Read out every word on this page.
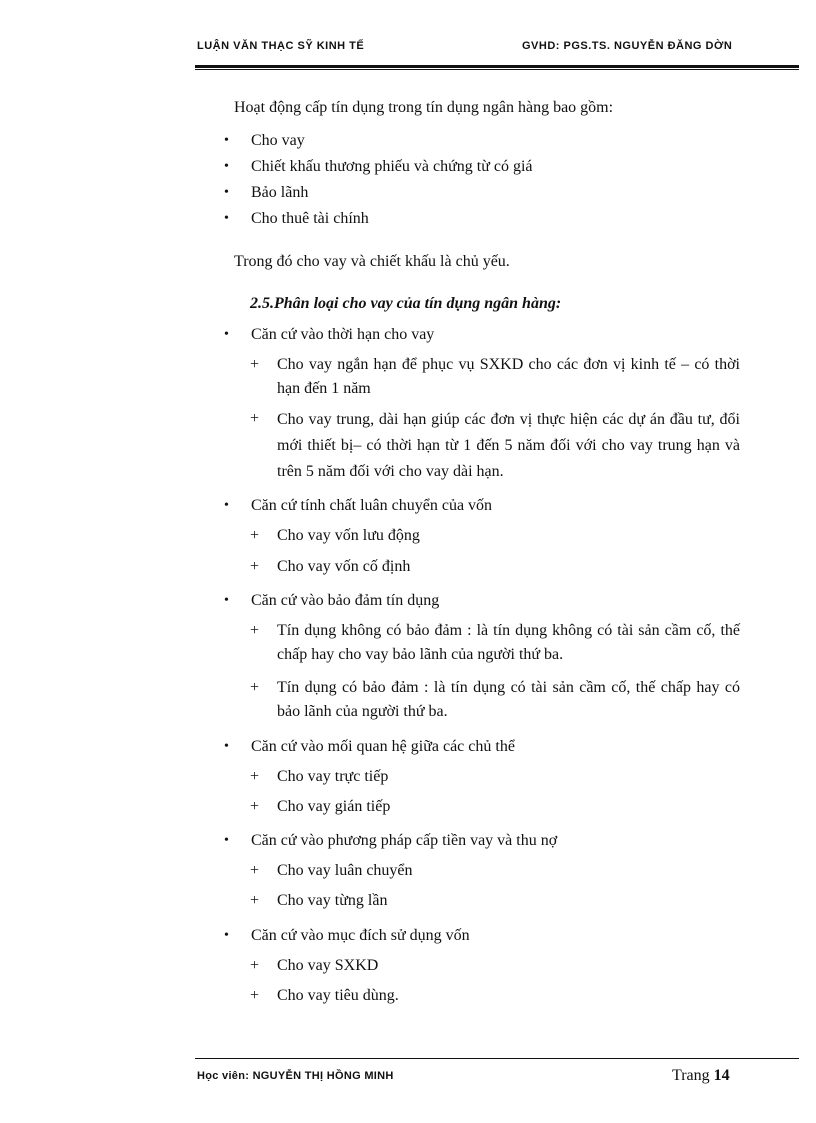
LUẬN VĂN THẠC SỸ KINH TẾ	GVHD: PGS.TS. NGUYỄN ĐĂNG DỜN
Hoạt động cấp tín dụng trong tín dụng ngân hàng bao gồm:
• Cho vay
• Chiết khấu thương phiếu và chứng từ có giá
• Bảo lãnh
• Cho thuê tài chính
Trong đó cho vay và chiết khấu là chủ yếu.
2.5.Phân loại cho vay của tín dụng ngân hàng:
• Căn cứ vào thời hạn cho vay
+ Cho vay ngắn hạn để phục vụ SXKD cho các đơn vị kinh tế – có thời hạn đến 1 năm
+ Cho vay trung, dài hạn giúp các đơn vị thực hiện các dự án đầu tư, đổi mới thiết bị– có thời hạn từ 1 đến 5 năm đối với cho vay trung hạn và trên 5 năm đối với cho vay dài hạn.
• Căn cứ tính chất luân chuyển của vốn
+ Cho vay vốn lưu động
+ Cho vay vốn cố định
• Căn cứ vào bảo đảm tín dụng
+ Tín dụng không có bảo đảm : là tín dụng không có tài sản cầm cố, thế chấp hay cho vay bảo lãnh của người thứ ba.
+ Tín dụng có bảo đảm : là tín dụng có tài sản cầm cố, thế chấp hay có bảo lãnh của người thứ ba.
• Căn cứ vào mối quan hệ giữa các chủ thể
+ Cho vay trực tiếp
+ Cho vay gián tiếp
• Căn cứ vào phương pháp cấp tiền vay và thu nợ
+ Cho vay luân chuyển
+ Cho vay từng lần
• Căn cứ vào mục đích sử dụng vốn
+ Cho vay SXKD
+ Cho vay tiêu dùng.
Học viên: NGUYỄN THỊ HỒNG MINH	Trang 14
